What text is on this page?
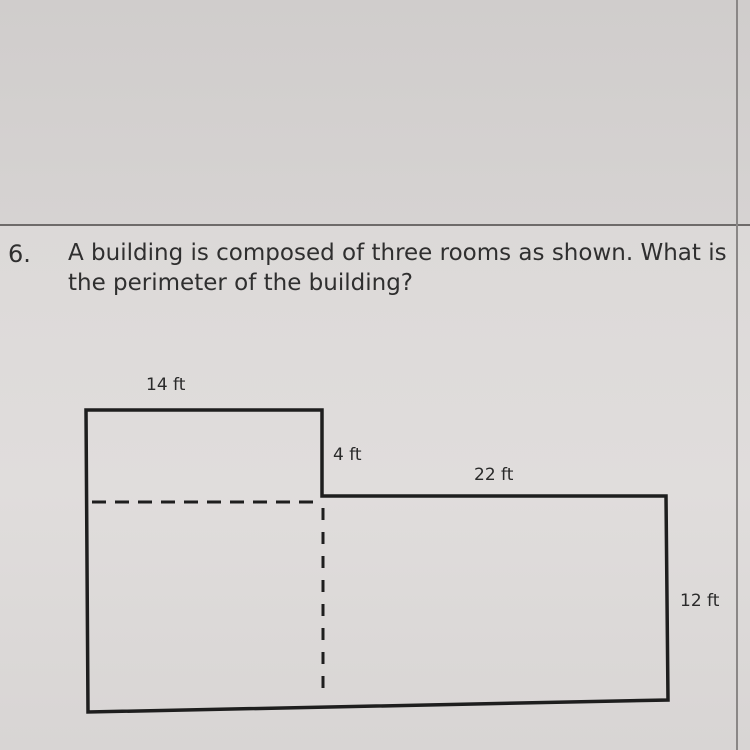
6. A building is composed of three rooms as shown. What is the perimeter of the building?
14 ft
4 ft
22 ft
12 ft
